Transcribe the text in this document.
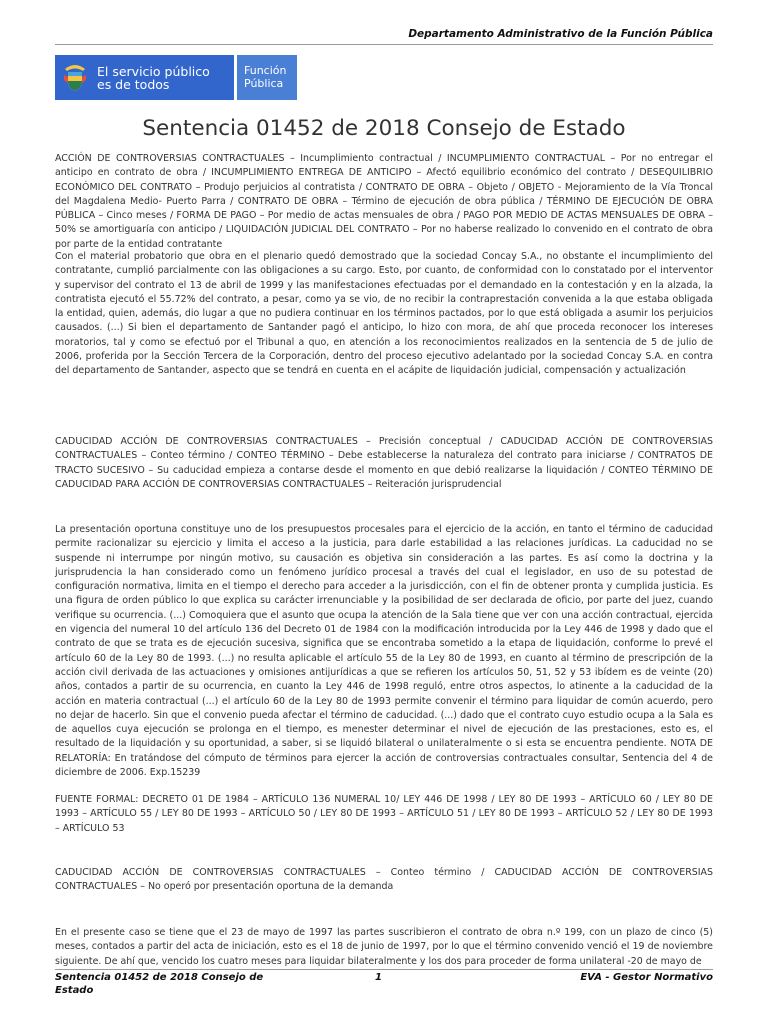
Departamento Administrativo de la Función Pública
El servicio público
es de todos
Función
Pública
Sentencia 01452 de 2018 Consejo de Estado

ACCIÓN DE CONTROVERSIAS CONTRACTUALES – Incumplimiento contractual / INCUMPLIMIENTO CONTRACTUAL – Por no entregar el anticipo en contrato de obra / INCUMPLIMIENTO ENTREGA DE ANTICIPO – Afectó equilibrio económico del contrato / DESEQUILIBRIO ECONÓMICO DEL CONTRATO – Produjo perjuicios al contratista / CONTRATO DE OBRA – Objeto / OBJETO - Mejoramiento de la Vía Troncal del Magdalena Medio- Puerto Parra / CONTRATO DE OBRA – Término de ejecución de obra pública / TÉRMINO DE EJECUCIÓN DE OBRA PÚBLICA – Cinco meses / FORMA DE PAGO – Por medio de actas mensuales de obra / PAGO POR MEDIO DE ACTAS MENSUALES DE OBRA – 50% se amortiguaría con anticipo / LIQUIDACIÓN JUDICIAL DEL CONTRATO – Por no haberse realizado lo convenido en el contrato de obra por parte de la entidad contratante

Con el material probatorio que obra en el plenario quedó demostrado que la sociedad Concay S.A., no obstante el incumplimiento del contratante, cumplió parcialmente con las obligaciones a su cargo. Esto, por cuanto, de conformidad con lo constatado por el interventor y supervisor del contrato el 13 de abril de 1999 y las manifestaciones efectuadas por el demandado en la contestación y en la alzada, la contratista ejecutó el 55.72% del contrato, a pesar, como ya se vio, de no recibir la contraprestación convenida a la que estaba obligada la entidad, quien, además, dio lugar a que no pudiera continuar en los términos pactados, por lo que está obligada a asumir los perjuicios causados. (...) Si bien el departamento de Santander pagó el anticipo, lo hizo con mora, de ahí que proceda reconocer los intereses moratorios, tal y como se efectuó por el Tribunal a quo, en atención a los reconocimientos realizados en la sentencia de 5 de julio de 2006, proferida por la Sección Tercera de la Corporación, dentro del proceso ejecutivo adelantado por la sociedad Concay S.A. en contra del departamento de Santander, aspecto que se tendrá en cuenta en el acápite de liquidación judicial, compensación y actualización

CADUCIDAD ACCIÓN DE CONTROVERSIAS CONTRACTUALES – Precisión conceptual / CADUCIDAD ACCIÓN DE CONTROVERSIAS CONTRACTUALES – Conteo término / CONTEO TÉRMINO – Debe establecerse la naturaleza del contrato para iniciarse / CONTRATOS DE TRACTO SUCESIVO – Su caducidad empieza a contarse desde el momento en que debió realizarse la liquidación / CONTEO TÉRMINO DE CADUCIDAD PARA ACCIÓN DE CONTROVERSIAS CONTRACTUALES – Reiteración jurisprudencial

La presentación oportuna constituye uno de los presupuestos procesales para el ejercicio de la acción, en tanto el término de caducidad permite racionalizar su ejercicio y limita el acceso a la justicia, para darle estabilidad a las relaciones jurídicas. La caducidad no se suspende ni interrumpe por ningún motivo, su causación es objetiva sin consideración a las partes. Es así como la doctrina y la jurisprudencia la han considerado como un fenómeno jurídico procesal a través del cual el legislador, en uso de su potestad de configuración normativa, limita en el tiempo el derecho para acceder a la jurisdicción, con el fin de obtener pronta y cumplida justicia. Es una figura de orden público lo que explica su carácter irrenunciable y la posibilidad de ser declarada de oficio, por parte del juez, cuando verifique su ocurrencia. (...) Comoquiera que el asunto que ocupa la atención de la Sala tiene que ver con una acción contractual, ejercida en vigencia del numeral 10 del artículo 136 del Decreto 01 de 1984 con la modificación introducida por la Ley 446 de 1998 y dado que el contrato de que se trata es de ejecución sucesiva, significa que se encontraba sometido a la etapa de liquidación, conforme lo prevé el artículo 60 de la Ley 80 de 1993. (...) no resulta aplicable el artículo 55 de la Ley 80 de 1993, en cuanto al término de prescripción de la acción civil derivada de las actuaciones y omisiones antijurídicas a que se refieren los artículos 50, 51, 52 y 53 ibídem es de veinte (20) años, contados a partir de su ocurrencia, en cuanto la Ley 446 de 1998 reguló, entre otros aspectos, lo atinente a la caducidad de la acción en materia contractual (...) el artículo 60 de la Ley 80 de 1993 permite convenir el término para liquidar de común acuerdo, pero no dejar de hacerlo. Sin que el convenio pueda afectar el término de caducidad. (...) dado que el contrato cuyo estudio ocupa a la Sala es de aquellos cuya ejecución se prolonga en el tiempo, es menester determinar el nivel de ejecución de las prestaciones, esto es, el resultado de la liquidación y su oportunidad, a saber, si se liquidó bilateral o unilateralmente o si esta se encuentra pendiente. NOTA DE RELATORÍA: En tratándose del cómputo de términos para ejercer la acción de controversias contractuales consultar, Sentencia del 4 de diciembre de 2006. Exp.15239

FUENTE FORMAL: DECRETO 01 DE 1984 – ARTÍCULO 136 NUMERAL 10/ LEY 446 DE 1998 / LEY 80 DE 1993 – ARTÍCULO 60 / LEY 80 DE 1993 – ARTÍCULO 55 / LEY 80 DE 1993 – ARTÍCULO 50 / LEY 80 DE 1993 – ARTÍCULO 51 / LEY 80 DE 1993 – ARTÍCULO 52 / LEY 80 DE 1993 – ARTÍCULO 53

CADUCIDAD ACCIÓN DE CONTROVERSIAS CONTRACTUALES – Conteo término / CADUCIDAD ACCIÓN DE CONTROVERSIAS CONTRACTUALES – No operó por presentación oportuna de la demanda

En el presente caso se tiene que el 23 de mayo de 1997 las partes suscribieron el contrato de obra n.º 199, con un plazo de cinco (5) meses, contados a partir del acta de iniciación, esto es el 18 de junio de 1997, por lo que el término convenido venció el 19 de noviembre siguiente. De ahí que, vencido los cuatro meses para liquidar bilateralmente y los dos para proceder de forma unilateral -20 de mayo de

Sentencia 01452 de 2018 Consejo de Estado
1	EVA - Gestor Normativo
